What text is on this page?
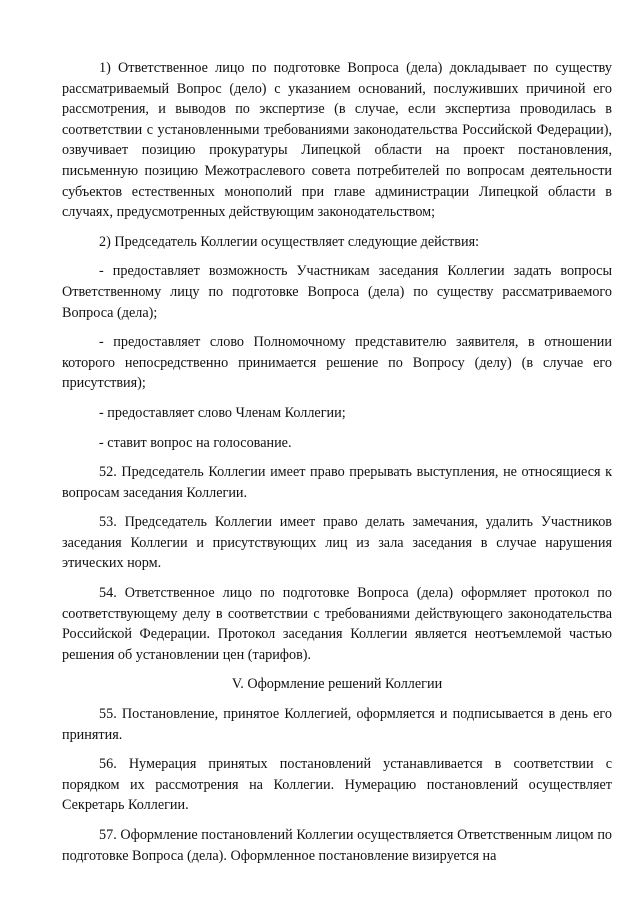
1) Ответственное лицо по подготовке Вопроса (дела) докладывает по существу рассматриваемый Вопрос (дело) с указанием оснований, послуживших причиной его рассмотрения, и выводов по экспертизе (в случае, если экспертиза проводилась в соответствии с установленными требованиями законодательства Российской Федерации), озвучивает позицию прокуратуры Липецкой области на проект постановления, письменную позицию Межотраслевого совета потребителей по вопросам деятельности субъектов естественных монополий при главе администрации Липецкой области в случаях, предусмотренных действующим законодательством;

2) Председатель Коллегии осуществляет следующие действия:

- предоставляет возможность Участникам заседания Коллегии задать вопросы Ответственному лицу по подготовке Вопроса (дела) по существу рассматриваемого Вопроса (дела);

- предоставляет слово Полномочному представителю заявителя, в отношении которого непосредственно принимается решение по Вопросу (делу) (в случае его присутствия);

- предоставляет слово Членам Коллегии;

- ставит вопрос на голосование.

52. Председатель Коллегии имеет право прерывать выступления, не относящиеся к вопросам заседания Коллегии.

53. Председатель Коллегии имеет право делать замечания, удалить Участников заседания Коллегии и присутствующих лиц из зала заседания в случае нарушения этических норм.

54. Ответственное лицо по подготовке Вопроса (дела) оформляет протокол по соответствующему делу в соответствии с требованиями действующего законодательства Российской Федерации. Протокол заседания Коллегии является неотъемлемой частью решения об установлении цен (тарифов).

V. Оформление решений Коллегии

55. Постановление, принятое Коллегией, оформляется и подписывается в день его принятия.

56. Нумерация принятых постановлений устанавливается в соответствии с порядком их рассмотрения на Коллегии. Нумерацию постановлений осуществляет Секретарь Коллегии.

57. Оформление постановлений Коллегии осуществляется Ответственным лицом по подготовке Вопроса (дела). Оформленное постановление визируется на
